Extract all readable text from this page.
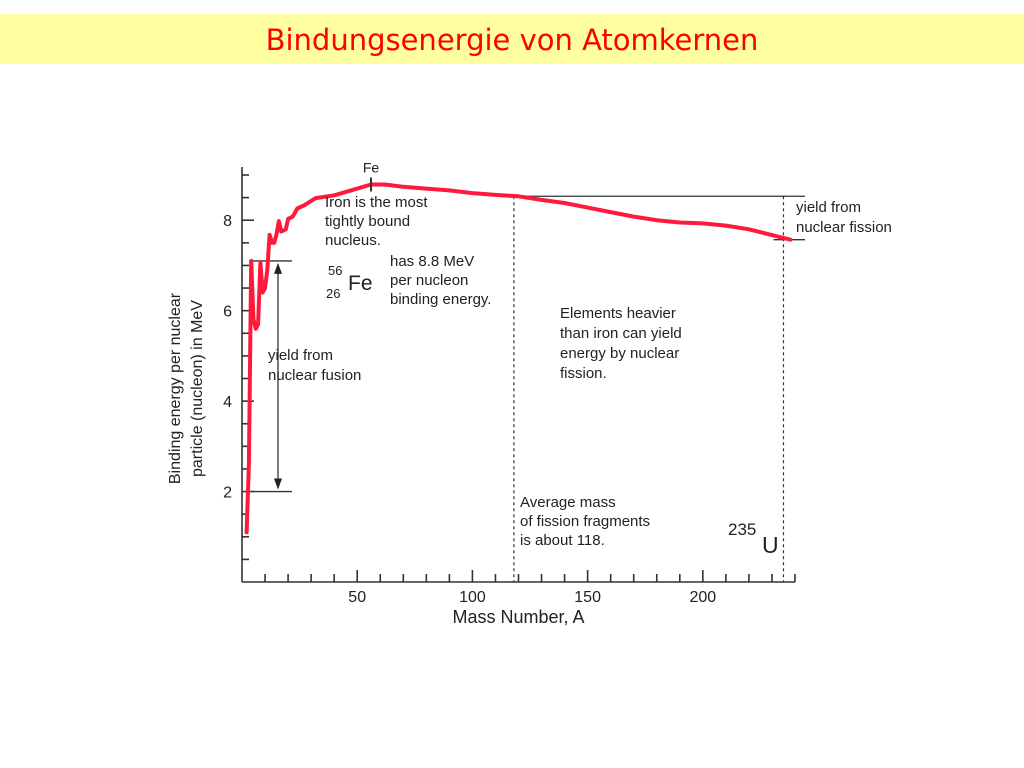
Bindungsenergie von Atomkernen
50	100	150	200
2
4
6
8
Mass Number, A
Binding energy per nuclear particle (nucleon) in MeV
Fe
Iron is the most
tightly bound
nucleus.
56
26 Fe
has 8.8 MeV
per nucleon
binding energy.
yield from
nuclear fusion
yield from
nuclear fission
Elements heavier
than iron can yield
energy by nuclear
fission.
Average mass
of fission fragments
is about 118.
235
U
